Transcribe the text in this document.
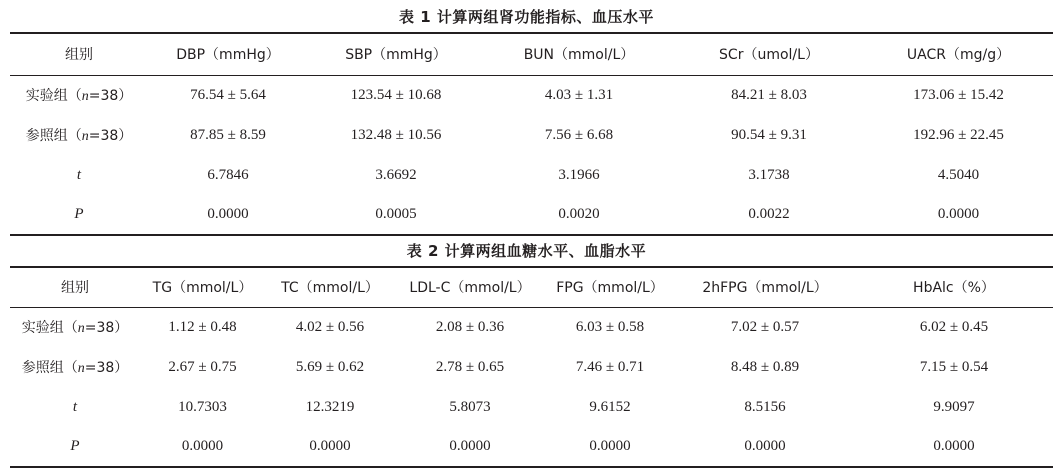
表 1 计算两组肾功能指标、血压水平
组别	DBP（mmHg）	SBP（mmHg）	BUN（mmol/L）	SCr（umol/L）	UACR（mg/g）
实验组（n=38）	76.54 ± 5.64	123.54 ± 10.68	4.03 ± 1.31	84.21 ± 8.03	173.06 ± 15.42
参照组（n=38）	87.85 ± 8.59	132.48 ± 10.56	7.56 ± 6.68	90.54 ± 9.31	192.96 ± 22.45
t	6.7846	3.6692	3.1966	3.1738	4.5040
P	0.0000	0.0005	0.0020	0.0022	0.0000
表 2 计算两组血糖水平、血脂水平
组别	TG（mmol/L）	TC（mmol/L）	LDL-C（mmol/L）	FPG（mmol/L）	2hFPG（mmol/L）	HbAlc（%）
实验组（n=38）	1.12 ± 0.48	4.02 ± 0.56	2.08 ± 0.36	6.03 ± 0.58	7.02 ± 0.57	6.02 ± 0.45
参照组（n=38）	2.67 ± 0.75	5.69 ± 0.62	2.78 ± 0.65	7.46 ± 0.71	8.48 ± 0.89	7.15 ± 0.54
t	10.7303	12.3219	5.8073	9.6152	8.5156	9.9097
P	0.0000	0.0000	0.0000	0.0000	0.0000	0.0000
